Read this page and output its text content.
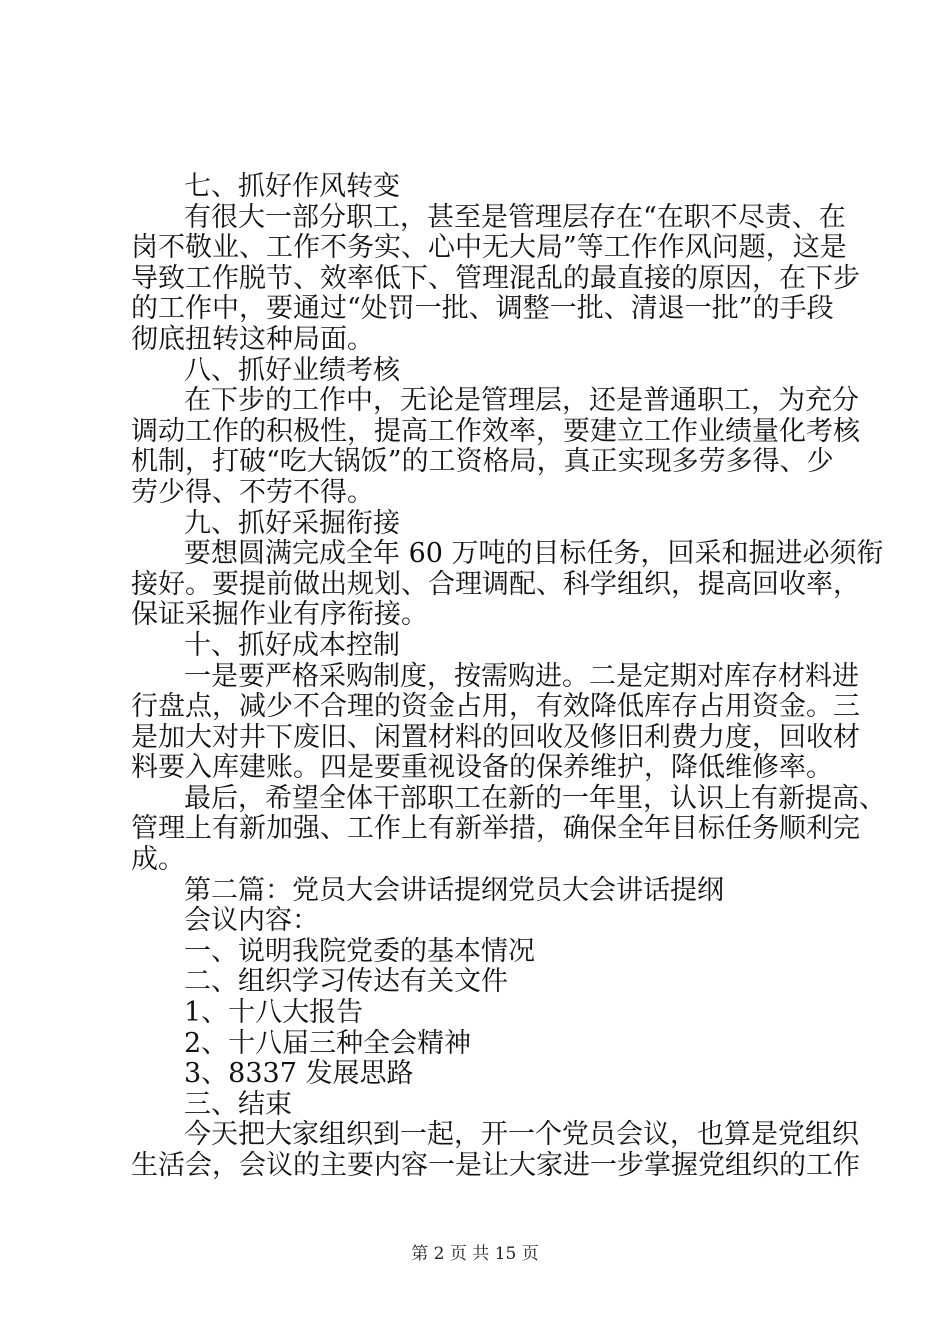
七、抓好作风转变
有很大一部分职工，甚至是管理层存在“在职不尽责、在
岗不敬业、工作不务实、心中无大局”等工作作风问题，这是
导致工作脱节、效率低下、管理混乱的最直接的原因，在下步
的工作中，要通过“处罚一批、调整一批、清退一批”的手段
彻底扭转这种局面。
八、抓好业绩考核
在下步的工作中，无论是管理层，还是普通职工，为充分
调动工作的积极性，提高工作效率，要建立工作业绩量化考核
机制，打破“吃大锅饭”的工资格局，真正实现多劳多得、少
劳少得、不劳不得。
九、抓好采掘衔接
要想圆满完成全年 60 万吨的目标任务，回采和掘进必须衔
接好。要提前做出规划、合理调配、科学组织，提高回收率，
保证采掘作业有序衔接。
十、抓好成本控制
一是要严格采购制度，按需购进。二是定期对库存材料进
行盘点，减少不合理的资金占用，有效降低库存占用资金。三
是加大对井下废旧、闲置材料的回收及修旧利费力度，回收材
料要入库建账。四是要重视设备的保养维护，降低维修率。
最后，希望全体干部职工在新的一年里，认识上有新提高、
管理上有新加强、工作上有新举措，确保全年目标任务顺利完
成。
第二篇：党员大会讲话提纲党员大会讲话提纲
会议内容：
一、说明我院党委的基本情况
二、组织学习传达有关文件
1、十八大报告
2、十八届三种全会精神
3、8337 发展思路
三、结束
今天把大家组织到一起，开一个党员会议，也算是党组织
生活会，会议的主要内容一是让大家进一步掌握党组织的工作
第 2 页 共 15 页
